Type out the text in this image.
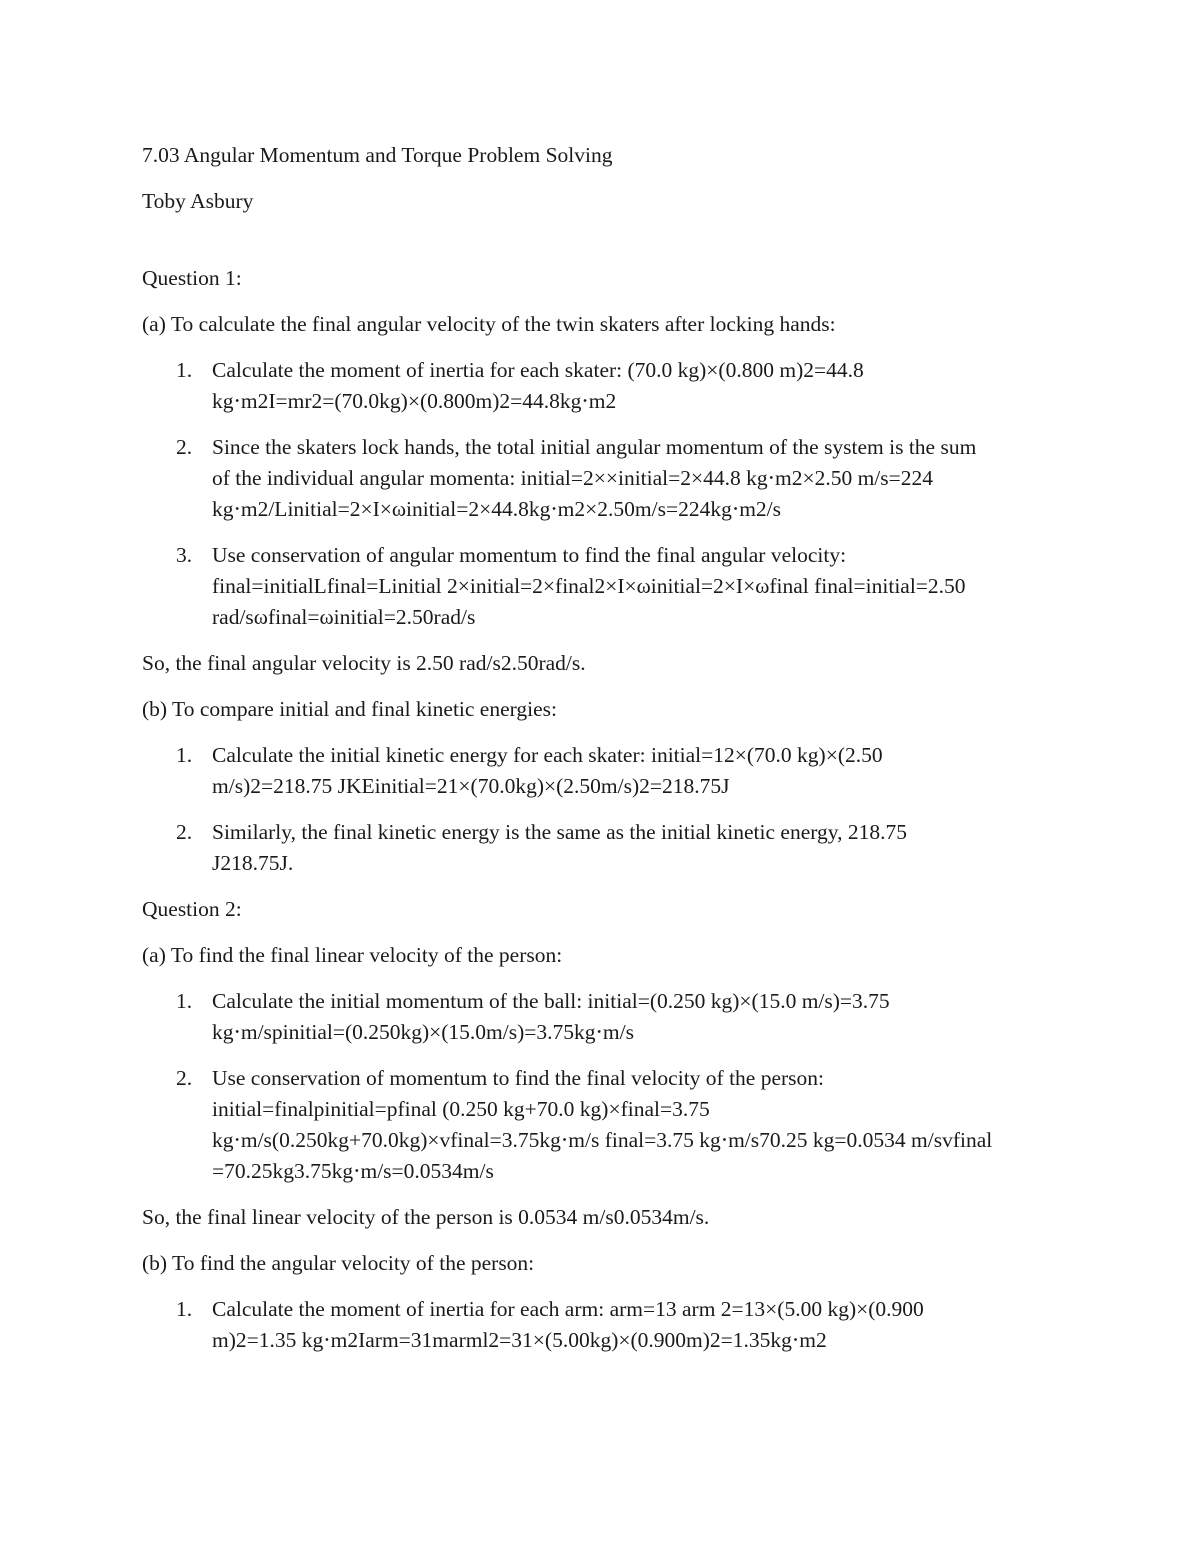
7.03 Angular Momentum and Torque Problem Solving

Toby Asbury

Question 1:

(a) To calculate the final angular velocity of the twin skaters after locking hands:

1. Calculate the moment of inertia for each skater: (70.0 kg)×(0.800 m)2=44.8
kg⋅m2I=mr2=(70.0kg)×(0.800m)2=44.8kg⋅m2
2. Since the skaters lock hands, the total initial angular momentum of the system is the sum
of the individual angular momenta: initial=2××initial=2×44.8 kg⋅m2×2.50 m/s=224
kg⋅m2/Linitial=2×I×ωinitial=2×44.8kg⋅m2×2.50m/s=224kg⋅m2/s
3. Use conservation of angular momentum to find the final angular velocity:
final=initialLfinal=Linitial 2×initial=2×final2×I×ωinitial=2×I×ωfinal final=initial=2.50
rad/sωfinal=ωinitial=2.50rad/s

So, the final angular velocity is 2.50 rad/s2.50rad/s.

(b) To compare initial and final kinetic energies:

1. Calculate the initial kinetic energy for each skater: initial=12×(70.0 kg)×(2.50
m/s)2=218.75 JKEinitial=21×(70.0kg)×(2.50m/s)2=218.75J
2. Similarly, the final kinetic energy is the same as the initial kinetic energy, 218.75
J218.75J.

Question 2:

(a) To find the final linear velocity of the person:

1. Calculate the initial momentum of the ball: initial=(0.250 kg)×(15.0 m/s)=3.75
kg⋅m/spinitial=(0.250kg)×(15.0m/s)=3.75kg⋅m/s
2. Use conservation of momentum to find the final velocity of the person:
initial=finalpinitial=pfinal (0.250 kg+70.0 kg)×final=3.75
kg⋅m/s(0.250kg+70.0kg)×vfinal=3.75kg⋅m/s final=3.75 kg⋅m/s70.25 kg=0.0534 m/svfinal
=70.25kg3.75kg⋅m/s=0.0534m/s

So, the final linear velocity of the person is 0.0534 m/s0.0534m/s.

(b) To find the angular velocity of the person:

1. Calculate the moment of inertia for each arm: arm=13 arm 2=13×(5.00 kg)×(0.900
m)2=1.35 kg⋅m2Iarm=31marml2=31×(5.00kg)×(0.900m)2=1.35kg⋅m2
